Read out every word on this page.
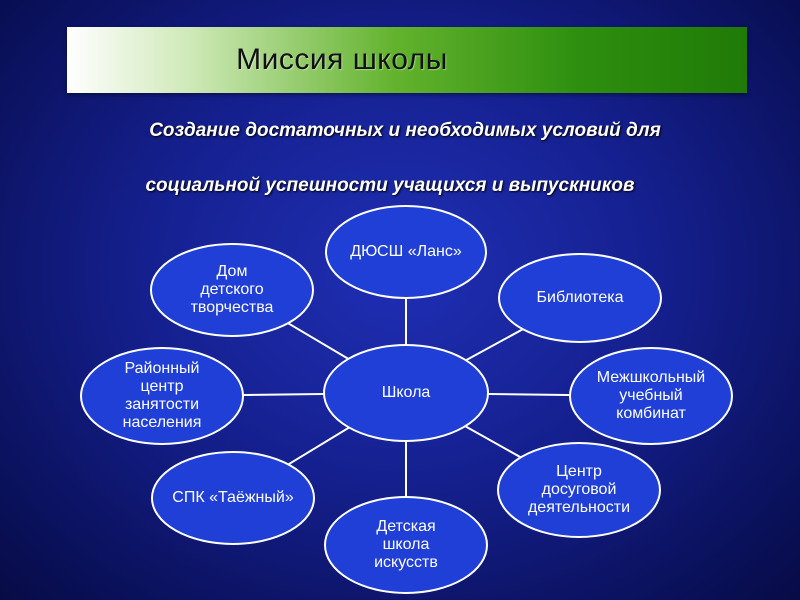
Миссия школы
Создание достаточных и необходимых условий для
социальной успешности учащихся и выпускников
ДЮСШ «Ланс»
Библиотека
Межшкольный
учебный
комбинат
Центр
досуговой
деятельности
Детская
школа
искусств
СПК «Таёжный»
Районный
центр
занятости
населения
Дом
детского
творчества
Школа
